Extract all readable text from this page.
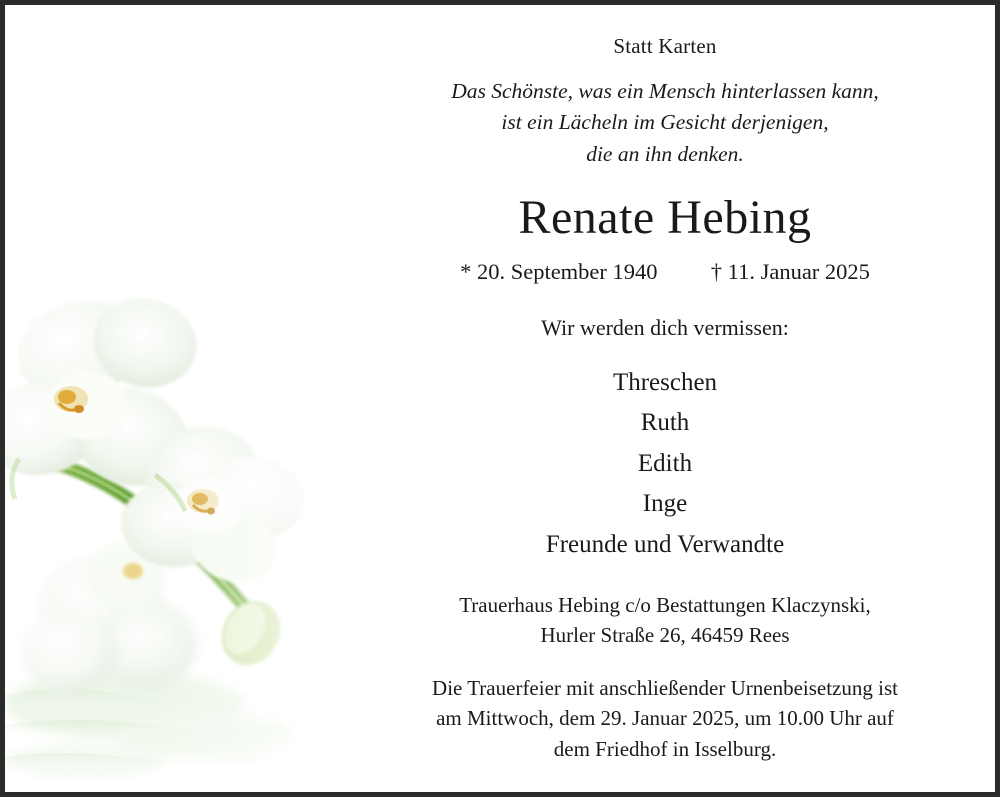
Statt Karten
Das Schönste, was ein Mensch hinterlassen kann,
ist ein Lächeln im Gesicht derjenigen,
die an ihn denken.
Renate Hebing
* 20. September 1940 † 11. Januar 2025
Wir werden dich vermissen:
Threschen
Ruth
Edith
Inge
Freunde und Verwandte
Trauerhaus Hebing c/o Bestattungen Klaczynski,
Hurler Straße 26, 46459 Rees
Die Trauerfeier mit anschließender Urnenbeisetzung ist
am Mittwoch, dem 29. Januar 2025, um 10.00 Uhr auf
dem Friedhof in Isselburg.
